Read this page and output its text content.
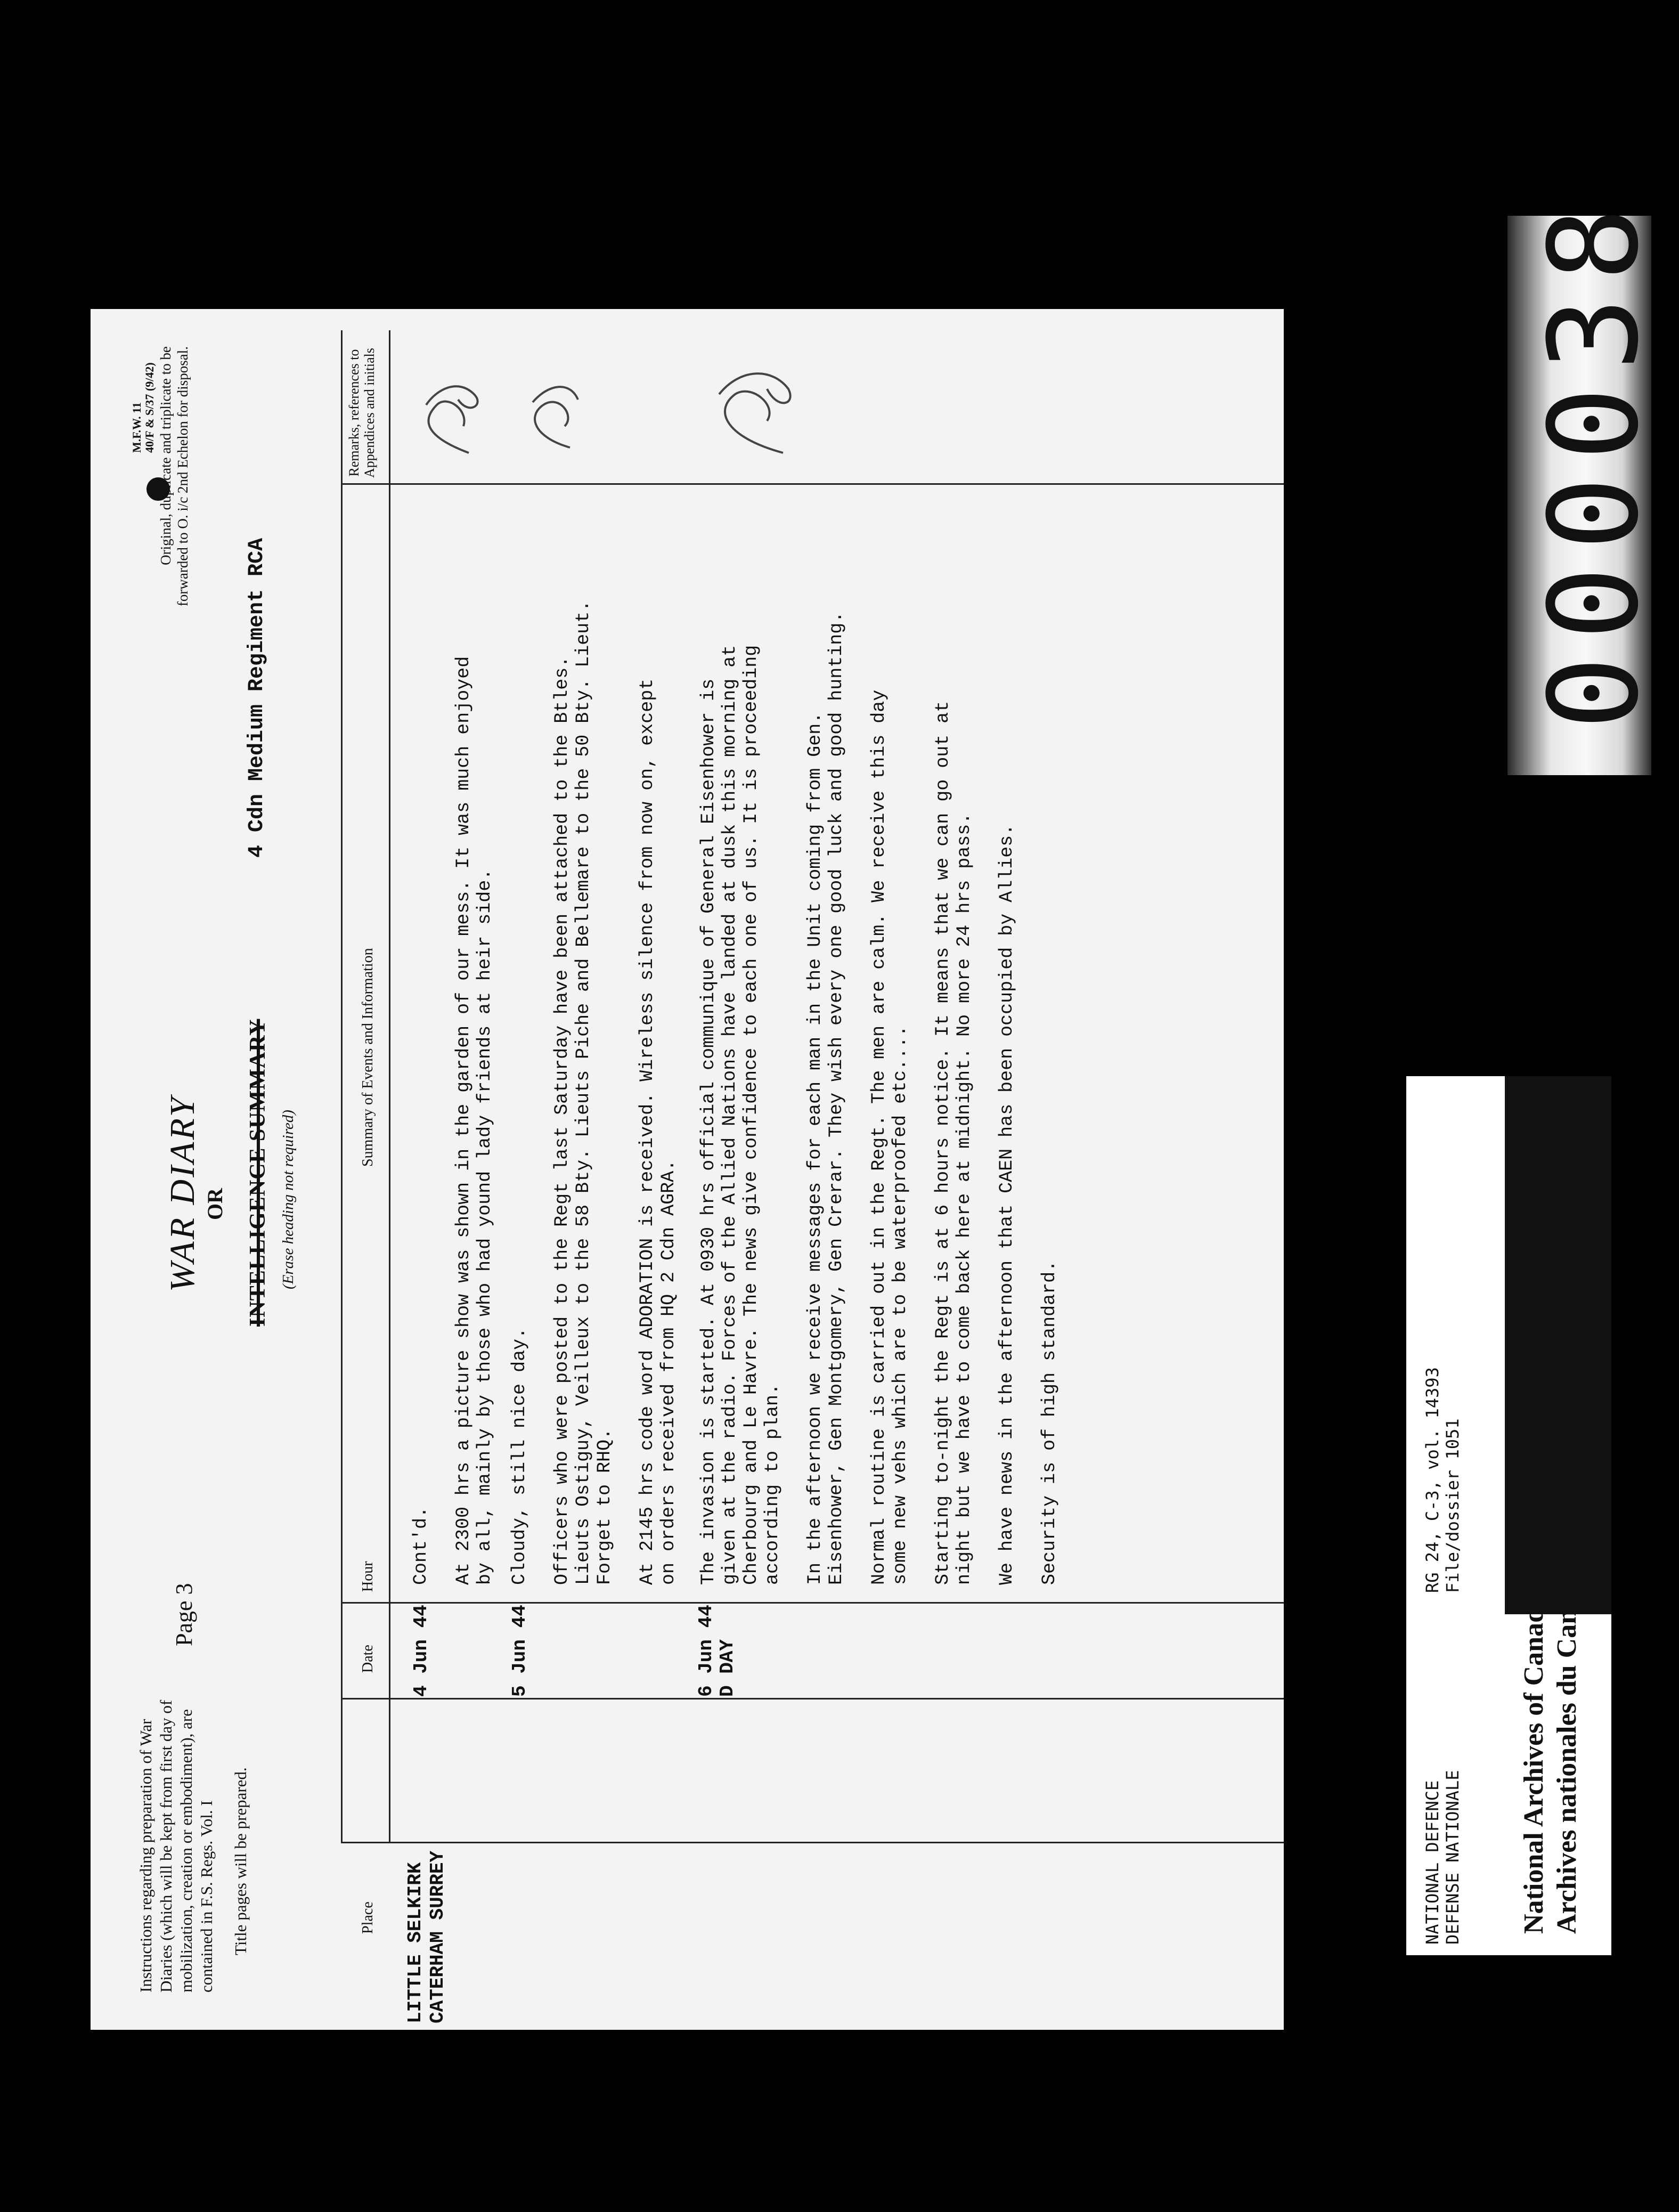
Instructions regarding preparation of War Diaries (which will be kept from first day of mobilization, creation or embodiment), are contained in F.S. Regs. Vol. I Title pages will be prepared.
Page 3
WAR DIARY OR INTELLIGENCE SUMMARY (Erase heading not required)
4 Cdn Medium Regiment RCA
M.F.W. 11 40/F & S/37 (9/42) Original, duplicate and triplicate to be forwarded to O. i/c 2nd Echelon for disposal.
Place
Date
Hour
Summary of Events and Information
Remarks, references to Appendices and initials
LITTLE SELKIRK CATERHAM SURREY
4 Jun 44
Cont'd. At 2300 hrs a picture show was shown in the garden of our mess. It was much enjoyed by all, mainly by those who had yound lady friends at heir side.
5 Jun 44
Cloudy, still nice day. Officers who were posted to the Regt last Saturday have been attached to the Btles. Lieuts Ostiguy, Veilleux to the 58 Bty. Lieuts Piche and Bellemare to the 50 Bty. Lieut. Forget to RHQ. At 2145 hrs code word ADORATION is received. Wireless silence from now on, except on orders received from HQ 2 Cdn AGRA.
6 Jun 44 D DAY
The invasion is started. At 0930 hrs official communique of General Eisenhower is given at the radio. Forces of the Allied Nations have landed at dusk this morning at Cherbourg and Le Havre. The news give confidence to each one of us. It is proceeding according to plan. In the afternoon we receive messages for each man in the Unit coming from Gen. Eisenhower, Gen Montgomery, Gen Crerar. They wish every one good luck and good hunting. Normal routine is carried out in the Regt. The men are calm. We receive this day some new vehs which are to be waterproofed etc.... Starting to-night the Regt is at 6 hours notice. It means that we can go out at night but we have to come back here at midnight. No more 24 hrs pass. We have news in the afternoon that CAEN has been occupied by Allies. Security is of high standard.
000038
NATIONAL DEFENCE DEFENSE NATIONALE
RG 24, C-3, vol. 14393 File/dossier 1051
National Archives of Canada Archives nationales du Canada
